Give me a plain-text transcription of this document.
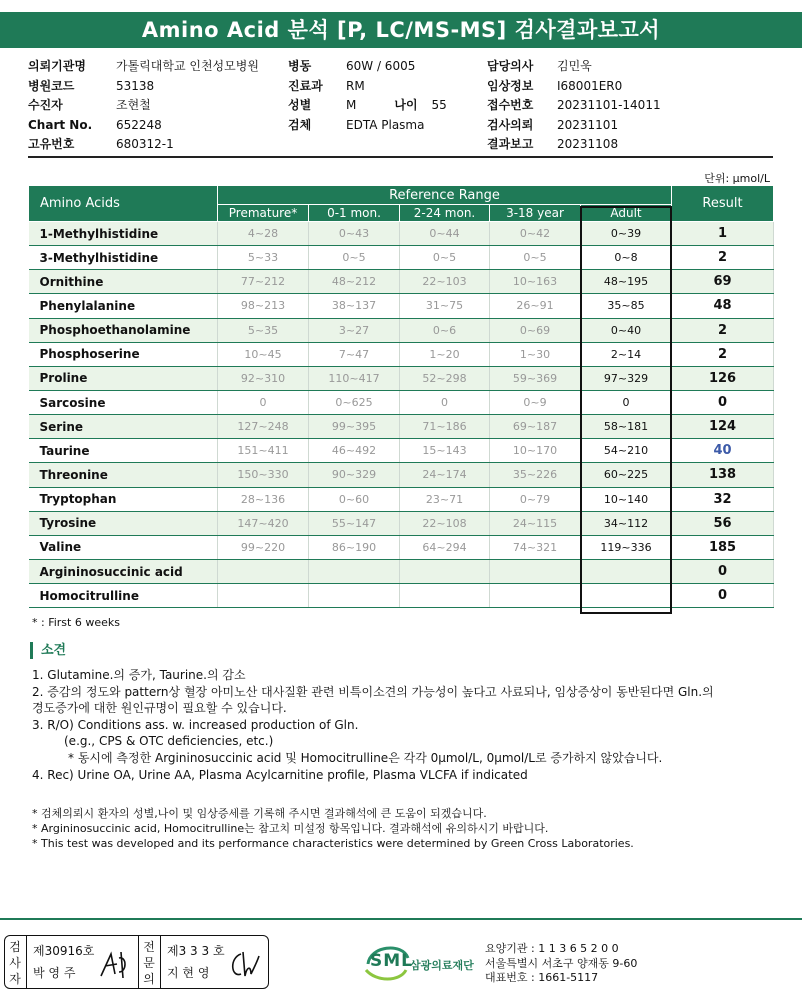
Amino Acid 분석 [P, LC/MS-MS] 검사결과보고서
의뢰기관명	가톨릭대학교 인천성모병원
병원코드	53138
수진자	조현철
Chart No. 652248
고유번호	680312-1
병동	60W / 6005
진료과 RM
성별	M	나이 55
검체	EDTA Plasma
담당의사 김민욱
임상정보 I68001ER0
접수번호 20231101-14011
검사의뢰 20231101
결과보고 20231108
단위: μmol/L
Amino Acids	Reference Range					Result
	Premature*	0-1 mon.	2-24 mon.	3-18 year	Adult	
1-Methylhistidine	4~28	0~43	0~44	0~42	0~39	1
3-Methylhistidine	5~33	0~5	0~5	0~5	0~8	2
Ornithine	77~212	48~212	22~103	10~163	48~195	69
Phenylalanine	98~213	38~137	31~75	26~91	35~85	48
Phosphoethanolamine	5~35	3~27	0~6	0~69	0~40	2
Phosphoserine	10~45	7~47	1~20	1~30	2~14	2
Proline	92~310	110~417	52~298	59~369	97~329	126
Sarcosine	0	0~625	0	0~9	0	0
Serine	127~248	99~395	71~186	69~187	58~181	124
Taurine	151~411	46~492	15~143	10~170	54~210	40
Threonine	150~330	90~329	24~174	35~226	60~225	138
Tryptophan	28~136	0~60	23~71	0~79	10~140	32
Tyrosine	147~420	55~147	22~108	24~115	34~112	56
Valine	99~220	86~190	64~294	74~321	119~336	185
Argininosuccinic acid						0
Homocitrulline						0
* : First 6 weeks
소견
1. Glutamine.의 증가, Taurine.의 감소
2. 증감의 정도와 pattern상 혈장 아미노산 대사질환 관련 비특이소견의 가능성이 높다고 사료되나, 임상증상이 동반된다면 Gln.의
경도증가에 대한 원인규명이 필요할 수 있습니다.
3. R/O) Conditions ass. w. increased production of Gln.
(e.g., CPS & OTC deficiencies, etc.)
* 동시에 측정한 Argininosuccinic acid 및 Homocitrulline은 각각 0μmol/L, 0μmol/L로 증가하지 않았습니다.
4. Rec) Urine OA, Urine AA, Plasma Acylcarnitine profile, Plasma VLCFA if indicated
* 검체의뢰시 환자의 성별,나이 및 임상증세를 기록해 주시면 결과해석에 큰 도움이 되겠습니다.
* Argininosuccinic acid, Homocitrulline는 참고치 미설정 항목입니다. 결과해석에 유의하시기 바랍니다.
* This test was developed and its performance characteristics were determined by Green Cross Laboratories.
검
사
자
제30916호
박 영 주
전
문
의
제3 3 3 호
지 현 영
SML
삼광의료재단
요양기관 : 1 1 3 6 5 2 0 0
서울특별시 서초구 양재동 9-60
대표번호 : 1661-5117
